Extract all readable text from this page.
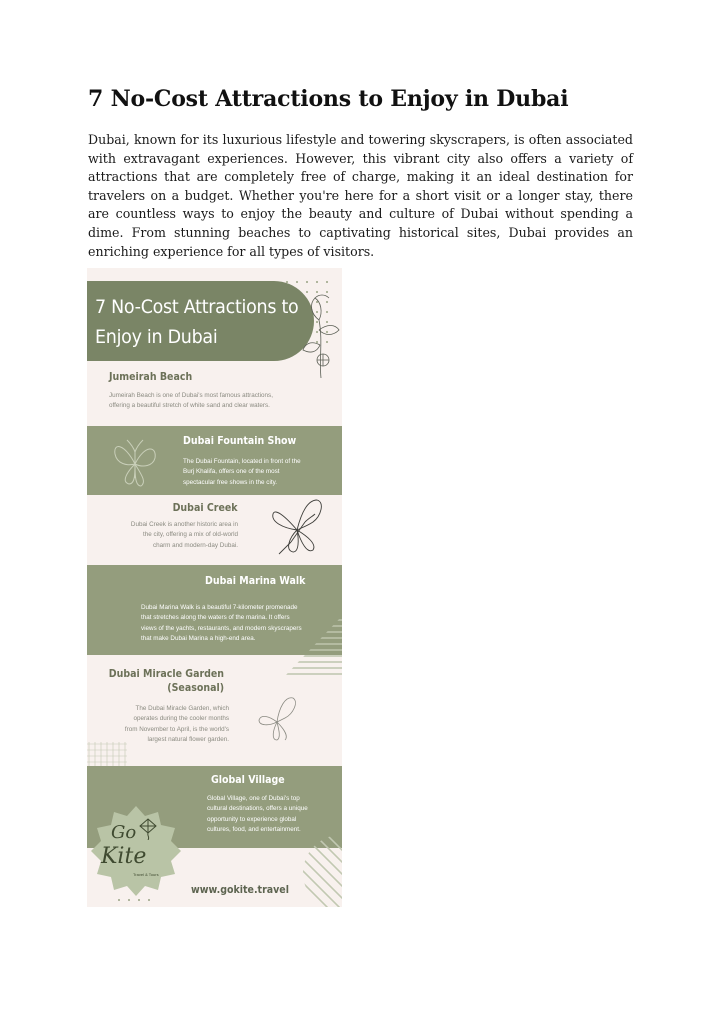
7 No-Cost Attractions to Enjoy in Dubai
Dubai, known for its luxurious lifestyle and towering skyscrapers, is often associated with extravagant experiences. However, this vibrant city also offers a variety of attractions that are completely free of charge, making it an ideal destination for travelers on a budget. Whether you're here for a short visit or a longer stay, there are countless ways to enjoy the beauty and culture of Dubai without spending a dime. From stunning beaches to captivating historical sites, Dubai provides an enriching experience for all types of visitors.
7 No-Cost Attractions to
Enjoy in Dubai
Jumeirah Beach

Jumeirah Beach is one of Dubai's most famous attractions,
offering a beautiful stretch of white sand and clear waters.

Dubai Fountain Show

The Dubai Fountain, located in front of the
Burj Khalifa, offers one of the most
spectacular free shows in the city.

Dubai Creek

Dubai Creek is another historic area in
the city, offering a mix of old-world
charm and modern-day Dubai.

Dubai Marina Walk

Dubai Marina Walk is a beautiful 7-kilometer promenade
that stretches along the waters of the marina. It offers
views of the yachts, restaurants, and modern skyscrapers
that make Dubai Marina a high-end area.

Dubai Miracle Garden
(Seasonal)

The Dubai Miracle Garden, which
operates during the cooler months
from November to April, is the world's
largest natural flower garden.

Global Village

Global Village, one of Dubai's top
cultural destinations, offers a unique
opportunity to experience global
cultures, food, and entertainment.

Go
Kite
Travel & Tours

www.gokite.travel
